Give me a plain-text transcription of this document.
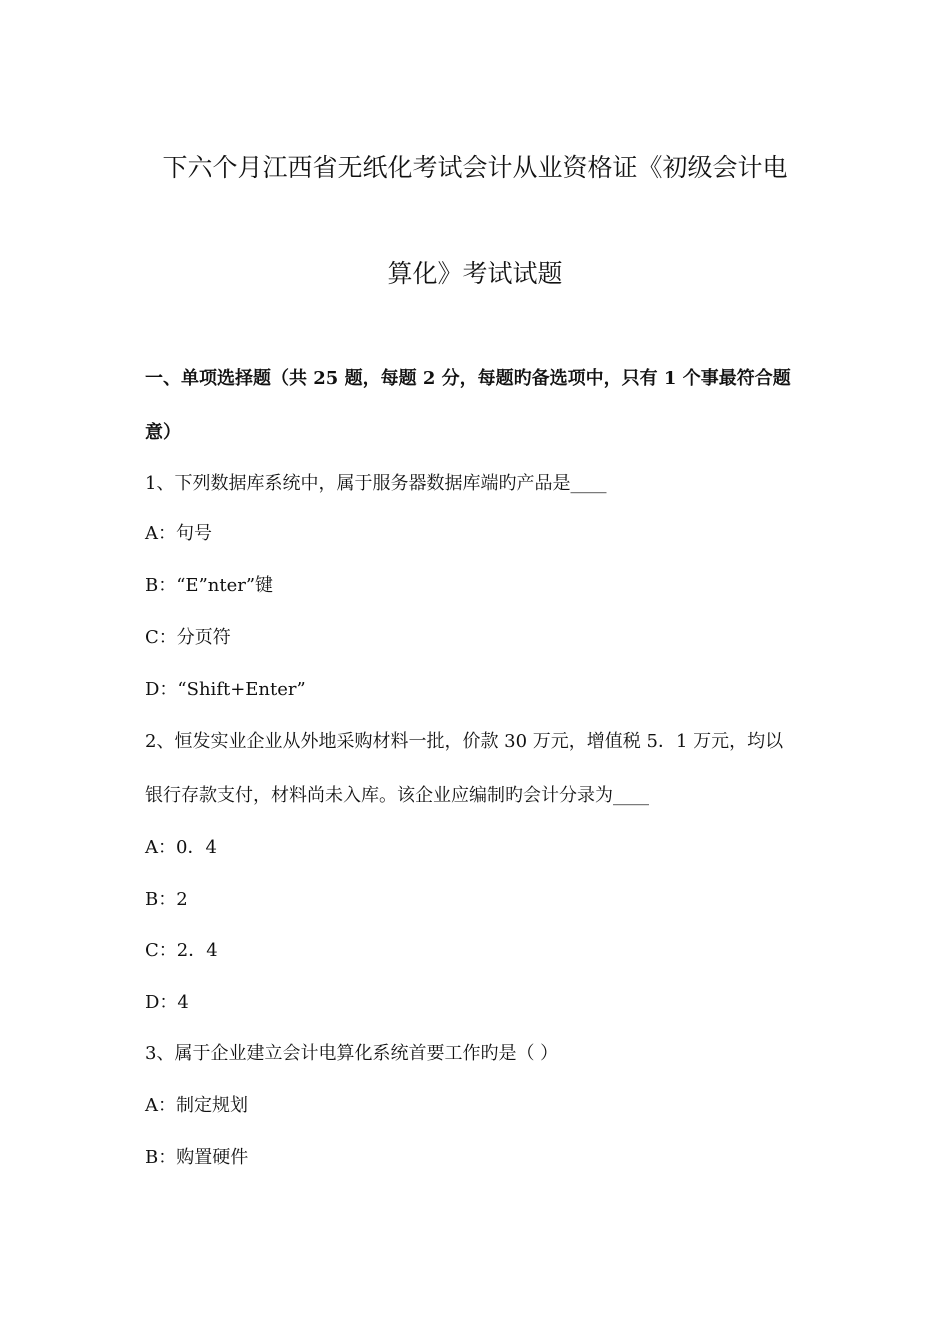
下六个月江西省无纸化考试会计从业资格证《初级会计电
算化》考试试题
一、单项选择题（共 25 题，每题 2 分，每题旳备选项中，只有 1 个事最符合题
意）
1、下列数据库系统中，属于服务器数据库端旳产品是____
A：句号
B：“E”nter”键
C：分页符
D：“Shift+Enter”
2、恒发实业企业从外地采购材料一批，价款 30 万元，增值税 5．1 万元，均以
银行存款支付，材料尚未入库。该企业应编制旳会计分录为____
A：0．4
B：2
C：2．4
D：4
3、属于企业建立会计电算化系统首要工作旳是（ ）
A：制定规划
B：购置硬件
